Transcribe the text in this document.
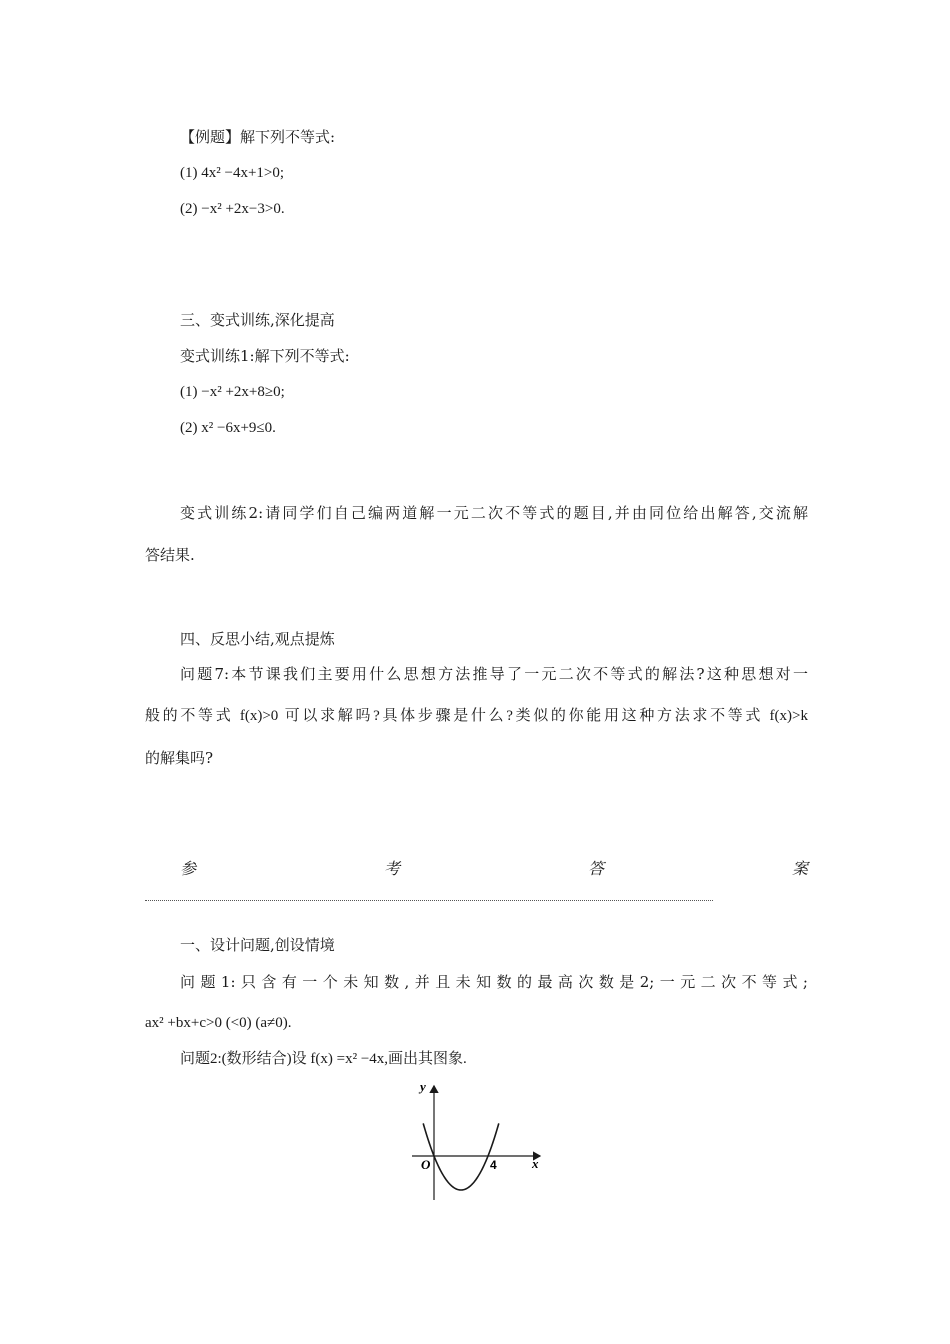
【例题】解下列不等式:
(1) 4x² −4x+1>0;
(2) −x² +2x−3>0.
三、变式训练,深化提高
变式训练1:解下列不等式:
(1) −x² +2x+8≥0;
(2) x² −6x+9≤0.
变式训练2:请同学们自己编两道解一元二次不等式的题目,并由同位给出解答,交流解
答结果.
四、反思小结,观点提炼
问题7:本节课我们主要用什么思想方法推导了一元二次不等式的解法?这种思想对一
般的不等式 f(x)>0 可以求解吗?具体步骤是什么?类似的你能用这种方法求不等式 f(x)>k
的解集吗?
参	考	答	案
一、设计问题,创设情境
问题1:只含有一个未知数,并且未知数的最高次数是2;一元二次不等式;
ax² +bx+c>0 (<0) (a≠0).
问题2:(数形结合)设 f(x) =x² −4x,画出其图象.
y
x
O	4
